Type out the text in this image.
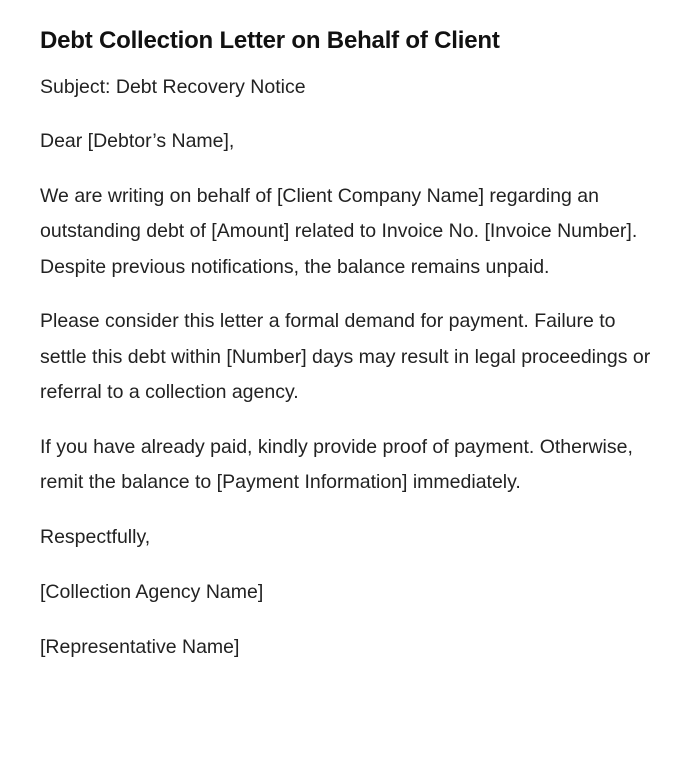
Debt Collection Letter on Behalf of Client

Subject: Debt Recovery Notice

Dear [Debtor’s Name],

We are writing on behalf of [Client Company Name] regarding an outstanding debt of [Amount] related to Invoice No. [Invoice Number]. Despite previous notifications, the balance remains unpaid.

Please consider this letter a formal demand for payment. Failure to settle this debt within [Number] days may result in legal proceedings or referral to a collection agency.

If you have already paid, kindly provide proof of payment. Otherwise, remit the balance to [Payment Information] immediately.

Respectfully,

[Collection Agency Name]

[Representative Name]
